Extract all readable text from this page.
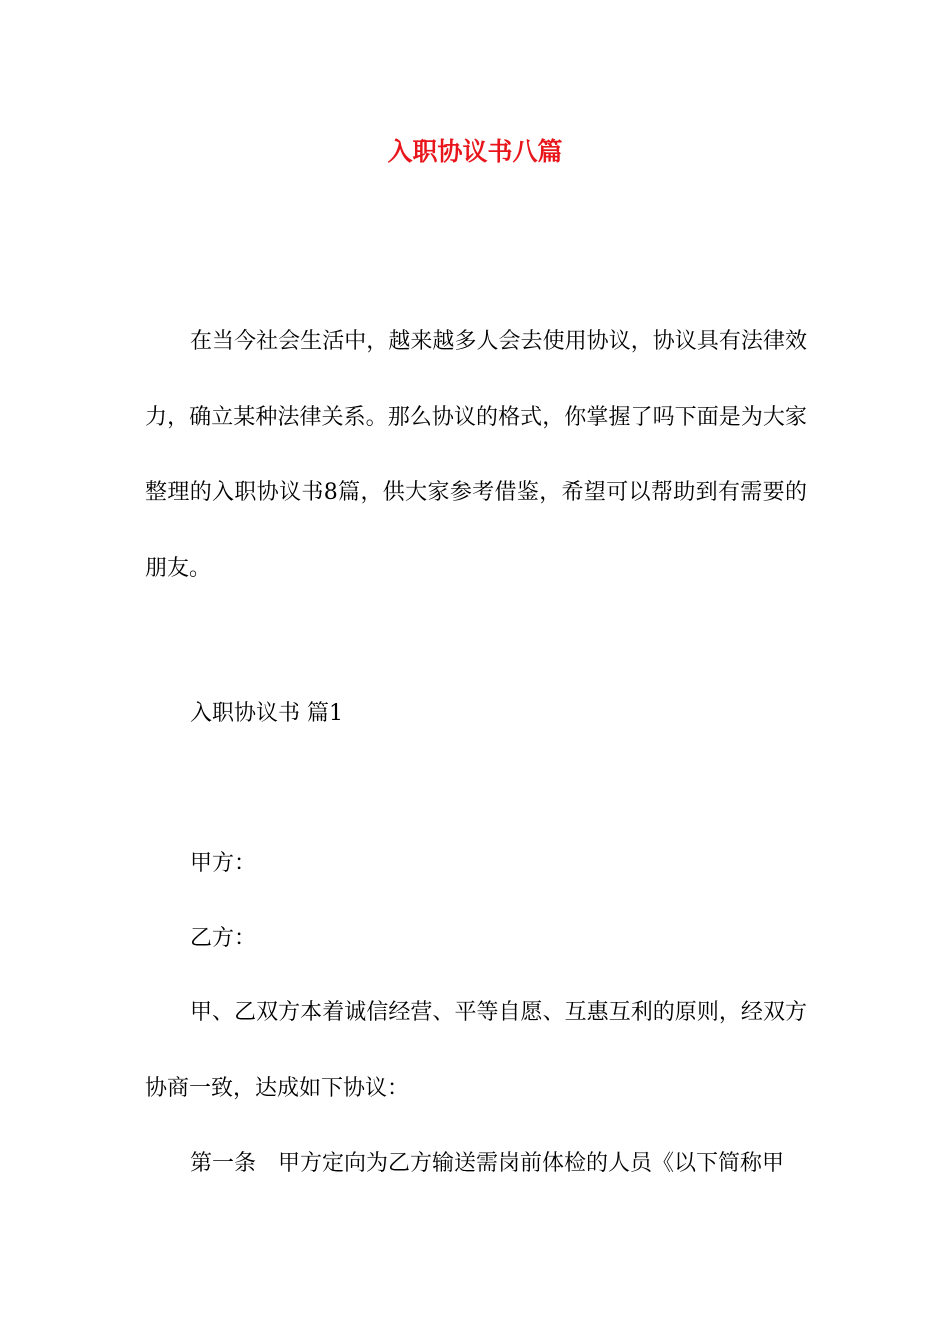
入职协议书八篇

在当今社会生活中，越来越多人会去使用协议，协议具有法律效力，确立某种法律关系。那么协议的格式，你掌握了吗下面是为大家整理的入职协议书8篇，供大家参考借鉴，希望可以帮助到有需要的朋友。

入职协议书 篇1

甲方：

乙方：

甲、乙双方本着诚信经营、平等自愿、互惠互利的原则，经双方协商一致，达成如下协议：

第一条　甲方定向为乙方输送需岗前体检的人员《以下简称甲
